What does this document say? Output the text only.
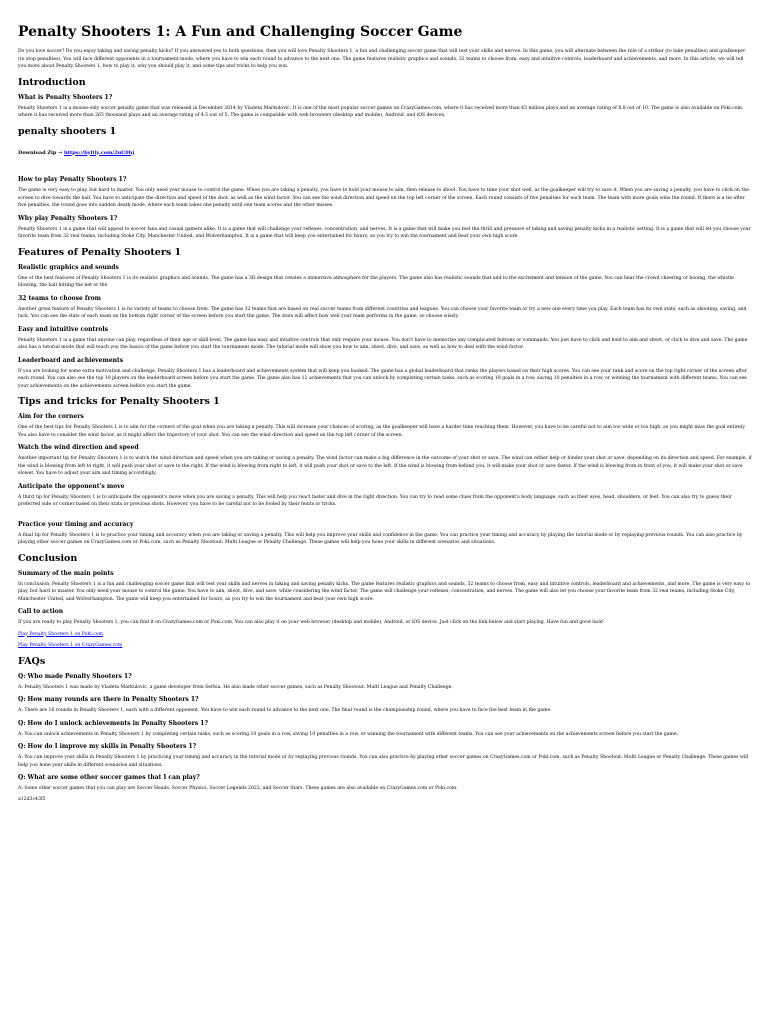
Penalty Shooters 1: A Fun and Challenging Soccer Game

Do you love soccer? Do you enjoy taking and saving penalty kicks? If you answered yes to both questions, then you will love Penalty Shooters 1, a fun and challenging soccer game that will test your skills and nerves. In this game, you will alternate between the role of a striker (to take penalties) and goalkeeper (to stop penalties). You will face different opponents in a tournament mode, where you have to win each round to advance to the next one. The game features realistic graphics and sounds, 32 teams to choose from, easy and intuitive controls, leaderboard and achievements, and more. In this article, we will tell you more about Penalty Shooters 1, how to play it, why you should play it, and some tips and tricks to help you win.

Introduction
What is Penalty Shooters 1?

Penalty Shooters 1 is a mouse-only soccer penalty game that was released in December 2014 by Vladeta Markulovic. It is one of the most popular soccer games on CrazyGames.com, where it has received more than 43 million plays and an average rating of 8.8 out of 10. The game is also available on Poki.com, where it has received more than 265 thousand plays and an average rating of 4.5 out of 5. The game is compatible with web browsers (desktop and mobile), Android, and iOS devices.

penalty shooters 1

Download Zip → https://byltly.com/2uC0hj

How to play Penalty Shooters 1?

The game is very easy to play, but hard to master. You only need your mouse to control the game. When you are taking a penalty, you have to hold your mouse to aim, then release to shoot. You have to time your shot well, as the goalkeeper will try to save it. When you are saving a penalty, you have to click on the screen to dive towards the ball. You have to anticipate the direction and speed of the shot, as well as the wind factor. You can see the wind direction and speed on the top left corner of the screen. Each round consists of five penalties for each team. The team with more goals wins the round. If there is a tie after five penalties, the round goes into sudden death mode, where each team takes one penalty until one team scores and the other misses.

Why play Penalty Shooters 1?

Penalty Shooters 1 is a game that will appeal to soccer fans and casual gamers alike. It is a game that will challenge your reflexes, concentration, and nerves. It is a game that will make you feel the thrill and pressure of taking and saving penalty kicks in a realistic setting. It is a game that will let you choose your favorite team from 32 real teams, including Stoke City, Manchester United, and Wolverhampton. It is a game that will keep you entertained for hours, as you try to win the tournament and beat your own high score.

Features of Penalty Shooters 1
Realistic graphics and sounds

One of the best features of Penalty Shooters 1 is its realistic graphics and sounds. The game has a 3D design that creates a immersive atmosphere for the players. The game also has realistic sounds that add to the excitement and tension of the game. You can hear the crowd cheering or booing, the whistle blowing, the ball hitting the net or the

32 teams to choose from

Another great feature of Penalty Shooters 1 is its variety of teams to choose from. The game has 32 teams that are based on real soccer teams from different countries and leagues. You can choose your favorite team or try a new one every time you play. Each team has its own stats, such as shooting, saving, and luck. You can see the stats of each team on the bottom right corner of the screen before you start the game. The stats will affect how well your team performs in the game, so choose wisely.

Easy and intuitive controls

Penalty Shooters 1 is a game that anyone can play, regardless of their age or skill level. The game has easy and intuitive controls that only require your mouse. You don't have to memorize any complicated buttons or commands. You just have to click and hold to aim and shoot, or click to dive and save. The game also has a tutorial mode that will teach you the basics of the game before you start the tournament mode. The tutorial mode will show you how to aim, shoot, dive, and save, as well as how to deal with the wind factor.

Leaderboard and achievements

If you are looking for some extra motivation and challenge, Penalty Shooters 1 has a leaderboard and achievements system that will keep you hooked. The game has a global leaderboard that ranks the players based on their high scores. You can see your rank and score on the top right corner of the screen after each round. You can also see the top 10 players on the leaderboard screen before you start the game. The game also has 12 achievements that you can unlock by completing certain tasks, such as scoring 10 goals in a row, saving 10 penalties in a row, or winning the tournament with different teams. You can see your achievements on the achievements screen before you start the game.

Tips and tricks for Penalty Shooters 1
Aim for the corners

One of the best tips for Penalty Shooters 1 is to aim for the corners of the goal when you are taking a penalty. This will increase your chances of scoring, as the goalkeeper will have a harder time reaching them. However, you have to be careful not to aim too wide or too high, as you might miss the goal entirely. You also have to consider the wind factor, as it might affect the trajectory of your shot. You can see the wind direction and speed on the top left corner of the screen.

Watch the wind direction and speed

Another important tip for Penalty Shooters 1 is to watch the wind direction and speed when you are taking or saving a penalty. The wind factor can make a big difference in the outcome of your shot or save. The wind can either help or hinder your shot or save, depending on its direction and speed. For example, if the wind is blowing from left to right, it will push your shot or save to the right. If the wind is blowing from right to left, it will push your shot or save to the left. If the wind is blowing from behind you, it will make your shot or save faster. If the wind is blowing from in front of you, it will make your shot or save slower. You have to adjust your aim and timing accordingly.

Anticipate the opponent's move

A third tip for Penalty Shooters 1 is to anticipate the opponent's move when you are saving a penalty. This will help you react faster and dive in the right direction. You can try to read some clues from the opponent's body language, such as their eyes, head, shoulders, or feet. You can also try to guess their preferred side or corner based on their stats or previous shots. However, you have to be careful not to be fooled by their feints or tricks.

Practice your timing and accuracy

A final tip for Penalty Shooters 1 is to practice your timing and accuracy when you are taking or saving a penalty. This will help you improve your skills and confidence in the game. You can practice your timing and accuracy by playing the tutorial mode or by replaying previous rounds. You can also practice by playing other soccer games on CrazyGames.com or Poki.com, such as Penalty Shootout: Multi League or Penalty Challenge. These games will help you hone your skills in different scenarios and situations.

Conclusion
Summary of the main points

In conclusion, Penalty Shooters 1 is a fun and challenging soccer game that will test your skills and nerves in taking and saving penalty kicks. The game features realistic graphics and sounds, 32 teams to choose from, easy and intuitive controls, leaderboard and achievements, and more. The game is very easy to play, but hard to master. You only need your mouse to control the game. You have to aim, shoot, dive, and save, while considering the wind factor. The game will challenge your reflexes, concentration, and nerves. The game will also let you choose your favorite team from 32 real teams, including Stoke City, Manchester United, and Wolverhampton. The game will keep you entertained for hours, as you try to win the tournament and beat your own high score.

Call to action

If you are ready to play Penalty Shooters 1, you can find it on CrazyGames.com or Poki.com. You can also play it on your web browser (desktop and mobile), Android, or iOS device. Just click on the link below and start playing. Have fun and good luck!

Play Penalty Shooters 1 on Poki.com

Play Penalty Shooters 1 on CrazyGames.com

FAQs
Q: Who made Penalty Shooters 1?

A: Penalty Shooters 1 was made by Vladeta Markulovic, a game developer from Serbia. He also made other soccer games, such as Penalty Shootout: Multi League and Penalty Challenge.

Q: How many rounds are there in Penalty Shooters 1?

A: There are 16 rounds in Penalty Shooters 1, each with a different opponent. You have to win each round to advance to the next one. The final round is the championship round, where you have to face the best team in the game.

Q: How do I unlock achievements in Penalty Shooters 1?

A: You can unlock achievements in Penalty Shooters 1 by completing certain tasks, such as scoring 10 goals in a row, saving 10 penalties in a row, or winning the tournament with different teams. You can see your achievements on the achievements screen before you start the game.

Q: How do I improve my skills in Penalty Shooters 1?

A: You can improve your skills in Penalty Shooters 1 by practicing your timing and accuracy in the tutorial mode or by replaying previous rounds. You can also practice by playing other soccer games on CrazyGames.com or Poki.com, such as Penalty Shootout: Multi League or Penalty Challenge. These games will help you hone your skills in different scenarios and situations.

Q: What are some other soccer games that I can play?

A: Some other soccer games that you can play are Soccer Heads, Soccer Physics, Soccer Legends 2022, and Soccer Stars. These games are also available on CrazyGames.com or Poki.com.

a12d3c43f5
